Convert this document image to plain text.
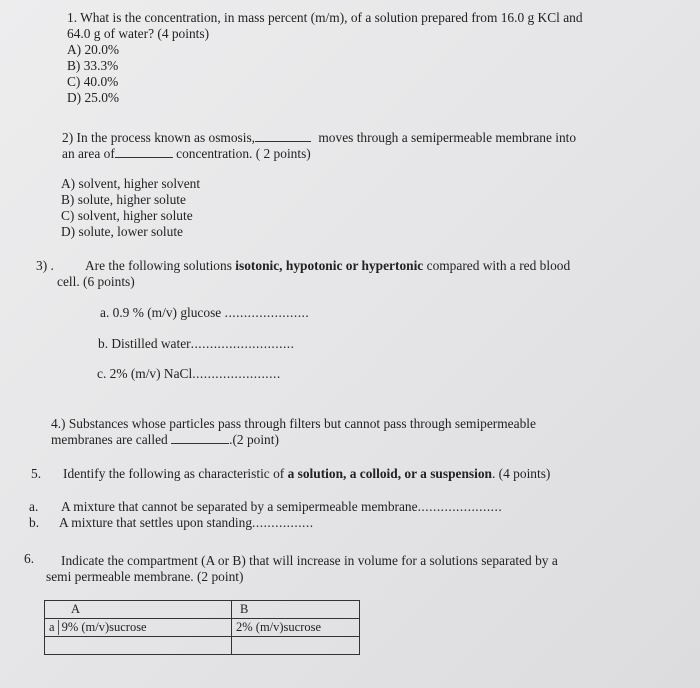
1. What is the concentration, in mass percent (m/m), of a solution prepared from 16.0 g KCl and
64.0 g of water? (4 points)
A) 20.0%
B) 33.3%
C) 40.0%
D) 25.0%
2) In the process known as osmosis,	moves through a semipermeable membrane into
an area of	concentration. ( 2 points)
A) solvent, higher solvent
B) solute, higher solute
C) solvent, higher solute
D) solute, lower solute
3) . Are the following solutions isotonic, hypotonic or hypertonic compared with a red blood
cell. (6 points)
a. 0.9 % (m/v) glucose ......................
b. Distilled water...........................
c. 2% (m/v) NaCl.......................
4.) Substances whose particles pass through filters but cannot pass through semipermeable
membranes are called	.(2 point)
5. Identify the following as characteristic of a solution, a colloid, or a suspension. (4 points)
a. A mixture that cannot be separated by a semipermeable membrane......................
b. A mixture that settles upon standing................
6. Indicate the compartment (A or B) that will increase in volume for a solutions separated by a
semi permeable membrane. (2 point)
A	B
a 9% (m/v)sucrose	2% (m/v)sucrose
